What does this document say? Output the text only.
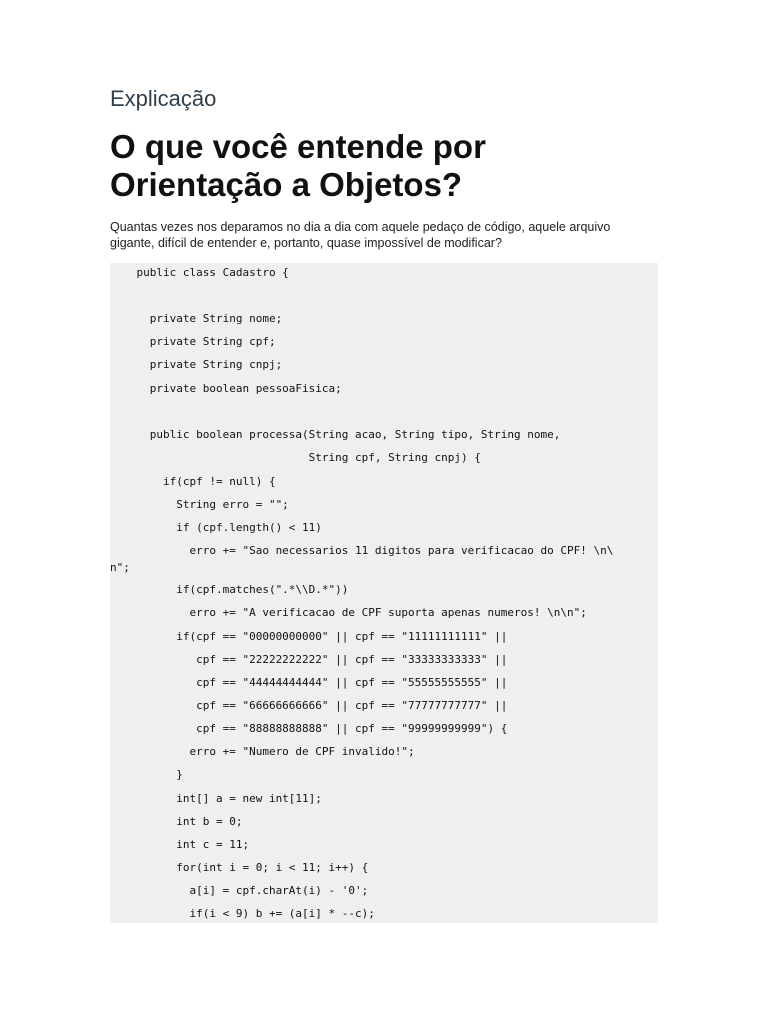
Explicação
O que você entende por
Orientação a Objetos?

Quantas vezes nos deparamos no dia a dia com aquele pedaço de código, aquele arquivo
gigante, difícil de entender e, portanto, quase impossível de modificar?

public class Cadastro {
private String nome;
private String cpf;
private String cnpj;
private boolean pessoaFisica;
public boolean processa(String acao, String tipo, String nome,
String cpf, String cnpj) {
if(cpf != null) {
String erro = "";
if (cpf.length() < 11)
erro += "Sao necessarios 11 digitos para verificacao do CPF! \n\
n";
if(cpf.matches(".*\\D.*"))
erro += "A verificacao de CPF suporta apenas numeros! \n\n";
if(cpf == "00000000000" || cpf == "11111111111" ||
cpf == "22222222222" || cpf == "33333333333" ||
cpf == "44444444444" || cpf == "55555555555" ||
cpf == "66666666666" || cpf == "77777777777" ||
cpf == "88888888888" || cpf == "99999999999") {
erro += "Numero de CPF invalido!";
}
int[] a = new int[11];
int b = 0;
int c = 11;
for(int i = 0; i < 11; i++) {
a[i] = cpf.charAt(i) - '0';
if(i < 9) b += (a[i] * --c);
